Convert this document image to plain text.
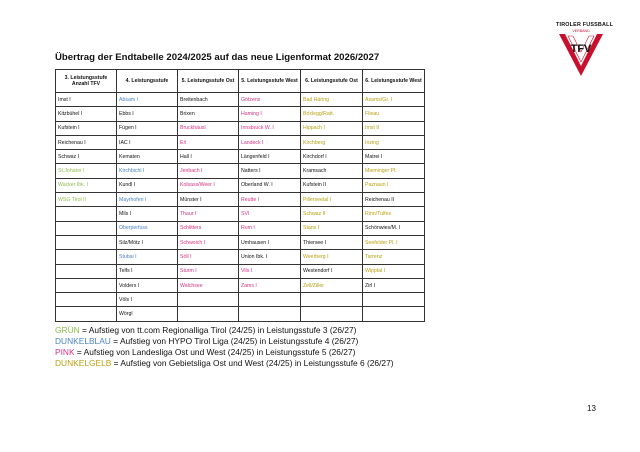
Übertrag der Endtabelle 2024/2025 auf das neue Ligenformat 2026/2027
TIROLER FUSSBALL
VERBAND
TFV
3. Leistungsstufe Anzahl TFV	4. Leistungsstufe	5. Leistungsstufe Ost	5. Leistungsstufe West	6. Leistungsstufe Ost	6. Leistungsstufe West
Imst I	Absam I	Breitenbach	Götzens	Bad Häring	Axams/Gr. I
Kitzbühel I	Ebbs I	Brixen	Haming I	Brixlegg/Ratt.	Flieau
Kufstein I	Fügen I	Bruckhäusl	Innsbruck W. I	Hippach I	Imst II
Reichenau I	IAC I	Erl	Landeck I	Kirchberg	Inzing
Schwaz I	Kematen	Hall I	Längenfeld I	Kirchdorf I	Matrei I
St.Johann I	Kirchbichl I	Jenbach I	Natters I	Kramsach	Mieminger Pl.
Wacker Ibk. I	Kundl I	Kolsass/Weer I	Oberland W. I	Kufstein II	Paznaun I
WSG Tirol II	Mayrhofen I	Münster I	Reutte I	Pillerseetal I	Reichenau II
	Mils I	Thaur I	SVI	Schwaz II	Rinn/Tulfes
	Oberperfuss	Schlitters	Rum I	Stans I	Schönwies/M. I
	Silz/Mötz I	Schwoich I	Umhausen I	Thiersee I	Seefelder Pl. I
	Stubai I	Söll I	Union Ibk. I	Weerberg I	Tarrenz
	Telfs I	Sturm I	Vils I	Westendorf I	Wipptal I
	Volders I	Walchsee	Zams I	Zell/Ziller	Zirl I
	Völs I				
	Wörgl				
GRÜN = Aufstieg von tt.com Regionalliga Tirol (24/25) in Leistungsstufe 3 (26/27)
DUNKELBLAU = Aufstieg von HYPO Tirol Liga (24/25) in Leistungsstufe 4 (26/27)
PINK = Aufstieg von Landesliga Ost und West (24/25) in Leistungsstufe 5 (26/27)
DUNKELGELB = Aufstieg von Gebietsliga Ost und West (24/25) in Leistungsstufe 6 (26/27)
13
